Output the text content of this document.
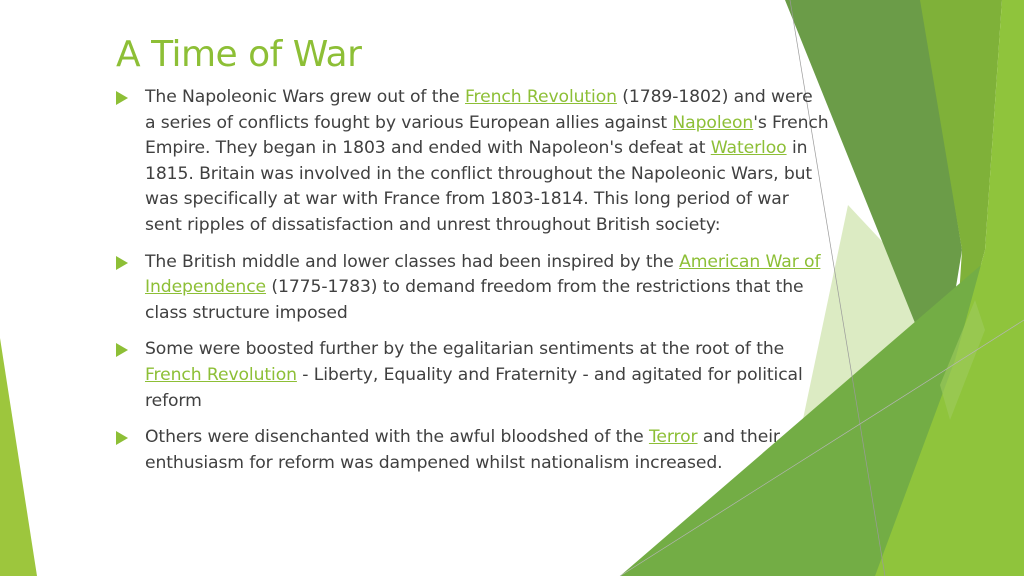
A Time of War
The Napoleonic Wars grew out of the French Revolution (1789-1802) and were
a series of conflicts fought by various European allies against Napoleon's French
Empire. They began in 1803 and ended with Napoleon's defeat at Waterloo in
1815. Britain was involved in the conflict throughout the Napoleonic Wars, but
was specifically at war with France from 1803-1814. This long period of war
sent ripples of dissatisfaction and unrest throughout British society:
The British middle and lower classes had been inspired by the American War of
Independence (1775-1783) to demand freedom from the restrictions that the
class structure imposed
Some were boosted further by the egalitarian sentiments at the root of the
French Revolution - Liberty, Equality and Fraternity - and agitated for political
reform
Others were disenchanted with the awful bloodshed of the Terror and their
enthusiasm for reform was dampened whilst nationalism increased.
